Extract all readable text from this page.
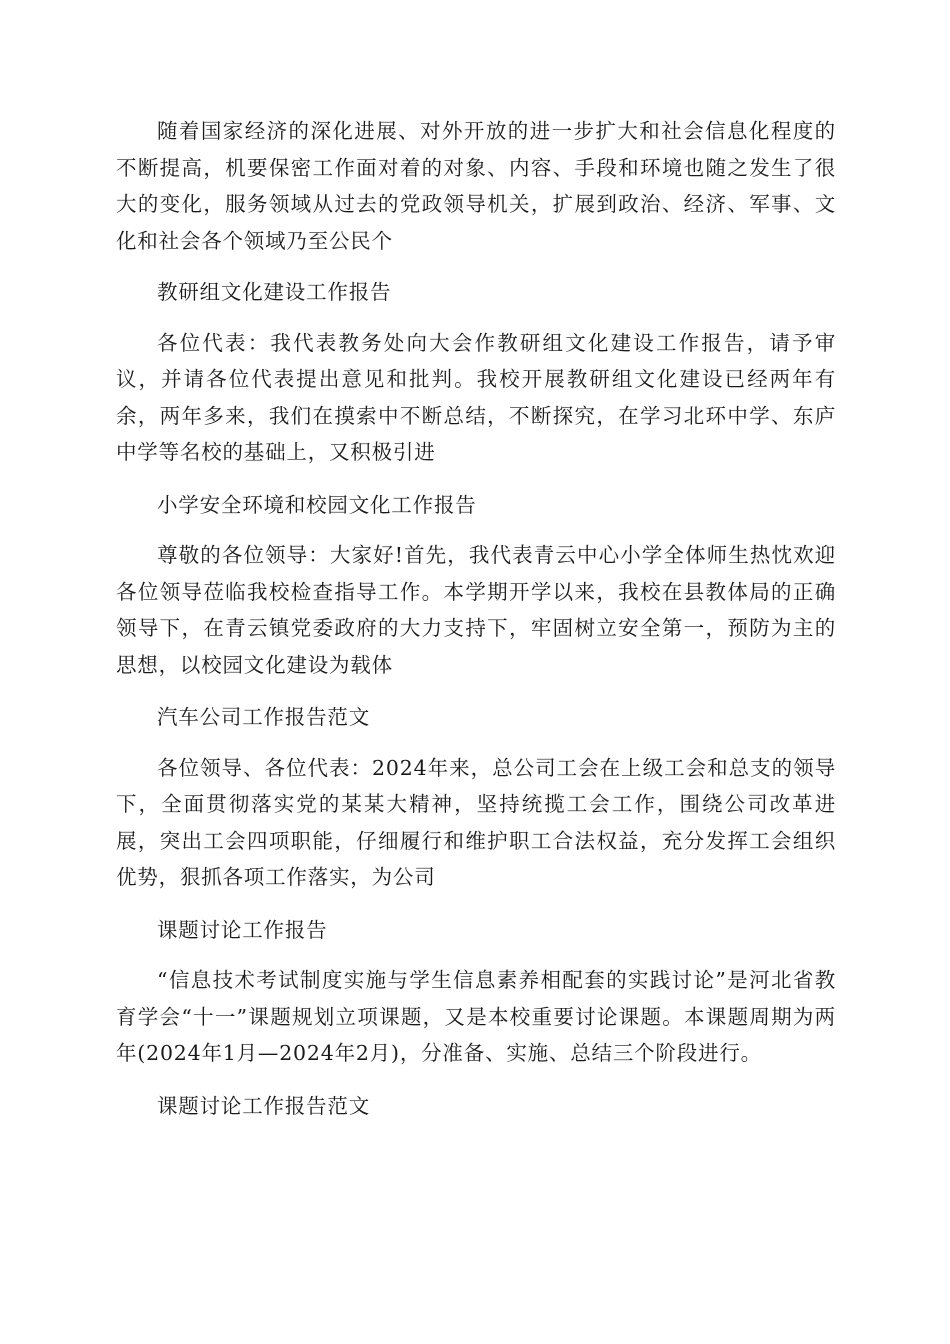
随着国家经济的深化进展、对外开放的进一步扩大和社会信息化程度的不断提高，机要保密工作面对着的对象、内容、手段和环境也随之发生了很大的变化，服务领域从过去的党政领导机关，扩展到政治、经济、军事、文化和社会各个领域乃至公民个

教研组文化建设工作报告

各位代表：我代表教务处向大会作教研组文化建设工作报告，请予审议，并请各位代表提出意见和批判。我校开展教研组文化建设已经两年有余，两年多来，我们在摸索中不断总结，不断探究，在学习北环中学、东庐中学等名校的基础上，又积极引进

小学安全环境和校园文化工作报告

尊敬的各位领导：大家好!首先，我代表青云中心小学全体师生热忱欢迎各位领导莅临我校检查指导工作。本学期开学以来，我校在县教体局的正确领导下，在青云镇党委政府的大力支持下，牢固树立安全第一，预防为主的思想，以校园文化建设为载体

汽车公司工作报告范文

各位领导、各位代表：2024年来，总公司工会在上级工会和总支的领导下，全面贯彻落实党的某某大精神，坚持统揽工会工作，围绕公司改革进展，突出工会四项职能，仔细履行和维护职工合法权益，充分发挥工会组织优势，狠抓各项工作落实，为公司

课题讨论工作报告

“信息技术考试制度实施与学生信息素养相配套的实践讨论”是河北省教育学会“十一”课题规划立项课题，又是本校重要讨论课题。本课题周期为两年(2024年1月—2024年2月)，分准备、实施、总结三个阶段进行。

课题讨论工作报告范文
